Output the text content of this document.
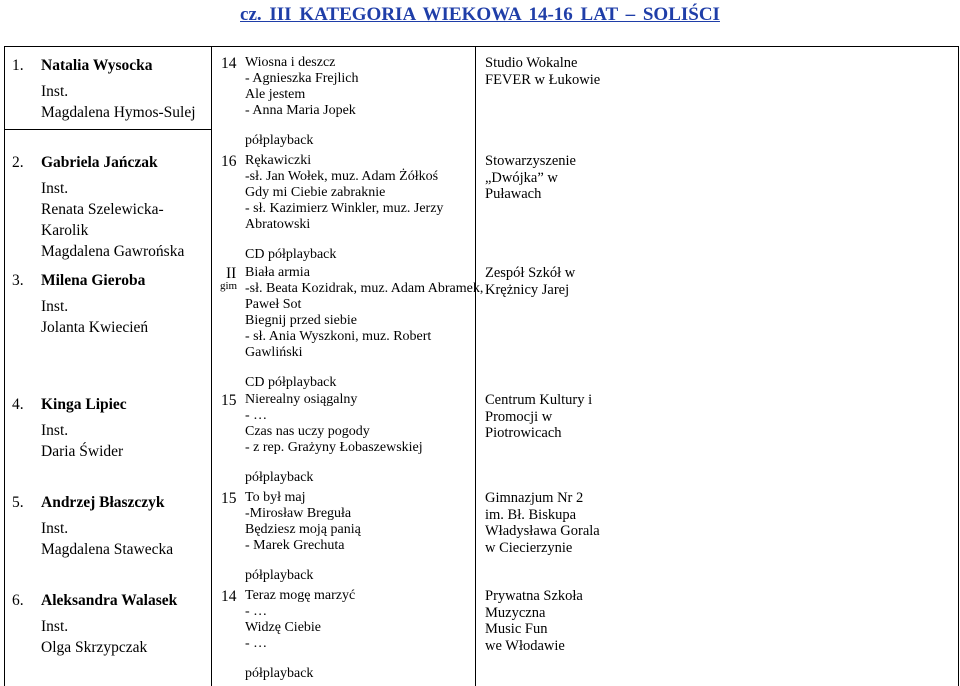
cz. III KATEGORIA WIEKOWA 14-16 LAT – SOLIŚCI
1. Natalia Wysocka
Inst.
Magdalena Hymos-Sulej
14 Wiosna i deszcz
- Agnieszka Frejlich
Ale jestem
- Anna Maria Jopek
półplayback
Studio Wokalne
FEVER w Łukowie
2. Gabriela Jańczak
Inst.
Renata Szelewicka-
Karolik
Magdalena Gawrońska
16 Rękawiczki
-sł. Jan Wołek, muz. Adam Żółkoś
Gdy mi Ciebie zabraknie
- sł. Kazimierz Winkler, muz. Jerzy
Abratowski
CD półplayback
Stowarzyszenie
„Dwójka” w
Puławach
3. Milena Gieroba
Inst.
Jolanta Kwiecień
II
gim
Biała armia
-sł. Beata Kozidrak, muz. Adam Abramek,
Paweł Sot
Biegnij przed siebie
- sł. Ania Wyszkoni, muz. Robert
Gawliński
CD półplayback
Zespół Szkół w
Krężnicy Jarej
4. Kinga Lipiec
Inst.
Daria Świder
15 Nierealny osiągalny
- …
Czas nas uczy pogody
- z rep. Grażyny Łobaszewskiej
półplayback
Centrum Kultury i
Promocji w
Piotrowicach
5. Andrzej Błaszczyk
Inst.
Magdalena Stawecka
15 To był maj
-Mirosław Breguła
Będziesz moją panią
- Marek Grechuta
półplayback
Gimnazjum Nr 2
im. Bł. Biskupa
Władysława Gorala
w Ciecierzynie
6. Aleksandra Walasek
Inst.
Olga Skrzypczak
14 Teraz mogę marzyć
- …
Widzę Ciebie
- …
półplayback
Prywatna Szkoła
Muzyczna
Music Fun
we Włodawie
